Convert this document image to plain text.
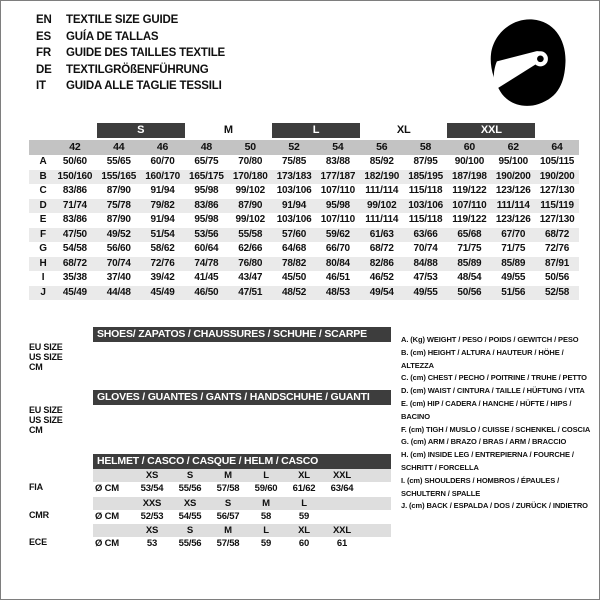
EN	TEXTILE SIZE GUIDE
ES	GUÍA DE TALLAS
FR	GUIDE DES TAILLES TEXTILE
DE	TEXTILGRÖßENFÜHRUNG
IT	GUIDA ALLE TAGLIE TESSILI
S	M	L	XL	XXL
42	44	46	48	50	52	54	56	58	60	62	64
A	50/60	55/65	60/70	65/75	70/80	75/85	83/88	85/92	87/95	90/100	95/100	105/115
B	150/160 155/165 160/170 165/175 170/180 173/183 177/187 182/190 185/195 187/198 190/200 190/200
C	83/86	87/90	91/94	95/98	99/102	103/106 107/110	111/114	115/118 119/122 123/126 127/130
D	71/74	75/78	79/82	83/86	87/90	91/94	95/98	99/102	103/106 107/110	111/114	115/119
E	83/86	87/90	91/94	95/98	99/102	103/106 107/110	111/114	115/118 119/122 123/126 127/130
F	47/50	49/52	51/54	53/56	55/58	57/60	59/62	61/63	63/66	65/68	67/70	68/72
G	54/58	56/60	58/62	60/64	62/66	64/68	66/70	68/72	70/74	71/75	71/75	72/76
H	68/72	70/74	72/76	74/78	76/80	78/82	80/84	82/86	84/88	85/89	85/89	87/91
I	35/38	37/40	39/42	41/45	43/47	45/50	46/51	46/52	47/53	48/54	49/55	50/56
J	45/49	44/48	45/49	46/50	47/51	48/52	48/53	49/54	49/55	50/56	51/56	52/58
SHOES/ ZAPATOS / CHAUSSURES / SCHUHE / SCARPE
EU SIZE
US SIZE
CM
GLOVES / GUANTES / GANTS / HANDSCHUHE / GUANTI
EU SIZE
US SIZE
CM
HELMET / CASCO / CASQUE / HELM / CASCO
XS	S	M	L	XL	XXL
FIA	Ø CM	53/54	55/56	57/58	59/60	61/62	63/64
XXS	XS	S	M	L
CMR	Ø CM	52/53	54/55	56/57	58	59
XS	S	M	L	XL	XXL
ECE	Ø CM	53	55/56	57/58	59	60	61
A. (Kg) WEIGHT / PESO / POIDS / GEWITCH / PESO
B. (cm) HEIGHT / ALTURA / HAUTEUR / HÖHE / ALTEZZA
C. (cm) CHEST / PECHO / POITRINE / TRUHE / PETTO
D. (cm) WAIST / CINTURA / TAILLE / HÜFTUNG / VITA
E. (cm) HIP / CADERA / HANCHE / HÜFTE / HIPS / BACINO
F. (cm) TIGH / MUSLO / CUISSE / SCHENKEL / COSCIA
G. (cm) ARM / BRAZO / BRAS / ARM / BRACCIO
H. (cm) INSIDE LEG / ENTREPIERNA / FOURCHE / SCHRITT / FORCELLA
I. (cm) SHOULDERS / HOMBROS / ÉPAULES / SCHULTERN / SPALLE
J. (cm) BACK / ESPALDA / DOS / ZURÜCK / INDIETRO
